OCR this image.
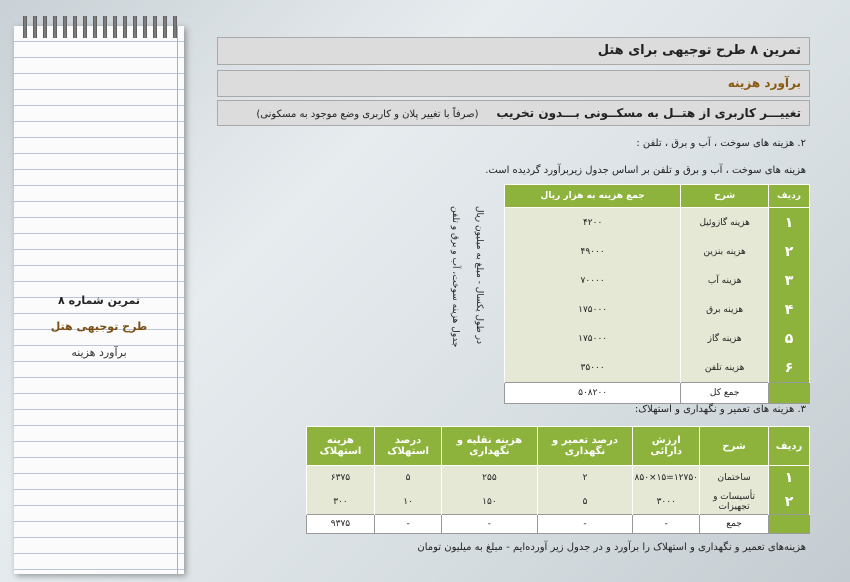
تمرین شماره ۸
طرح توجیهی هتل
برآورد هزینه
تمرین ۸ طرح توجیهی برای هتل
برآورد هزینه
تغییـــر کاربری از هتــل به مسکــونی بـــدون تخریب (صرفاً با تغییر پلان و کاربری وضع موجود به مسکونی)
۲. هزینه های سوخت ، آب و برق ، تلفن :
هزینه های سوخت ، آب و برق و تلفن بر اساس جدول زیربرآورد گردیده است.
جدول هزینه سوخت، آب و برق و تلفن در طول یکسال - مبلغ به میلیون ریال
ردیف	شرح	جمع هزینه به هزار ریال
۱	هزینه گازوئیل	۴۲۰۰
۲	هزینه بنزین	۴۹۰۰۰
۳	هزینه آب	۷۰۰۰۰
۴	هزینه برق	۱۷۵۰۰۰
۵	هزینه گاز	۱۷۵۰۰۰
۶	هزینه تلفن	۳۵۰۰۰
	جمع کل	۵۰۸۲۰۰
۳. هزینه های تعمیر و نگهداری و استهلاک:
ردیف	شرح	ارزش دارائی	درصد تعمیر و نگهداری	هزینه نقلیه و نگهداری	درصد استهلاک	هزینه استهلاک
۱	ساختمان	۱۲۷۵۰=۱۵×۸۵۰	۲	۲۵۵	۵	۶۳۷۵
۲	تأسیسات و تجهیزات	۳۰۰۰	۵	۱۵۰	۱۰	۳۰۰
	جمع	-	-	-	-	۹۳۷۵
هزینه‌های تعمیر و نگهداری و استهلاک را برآورد و در جدول زیر آورده‌ایم - مبلغ به میلیون تومان
